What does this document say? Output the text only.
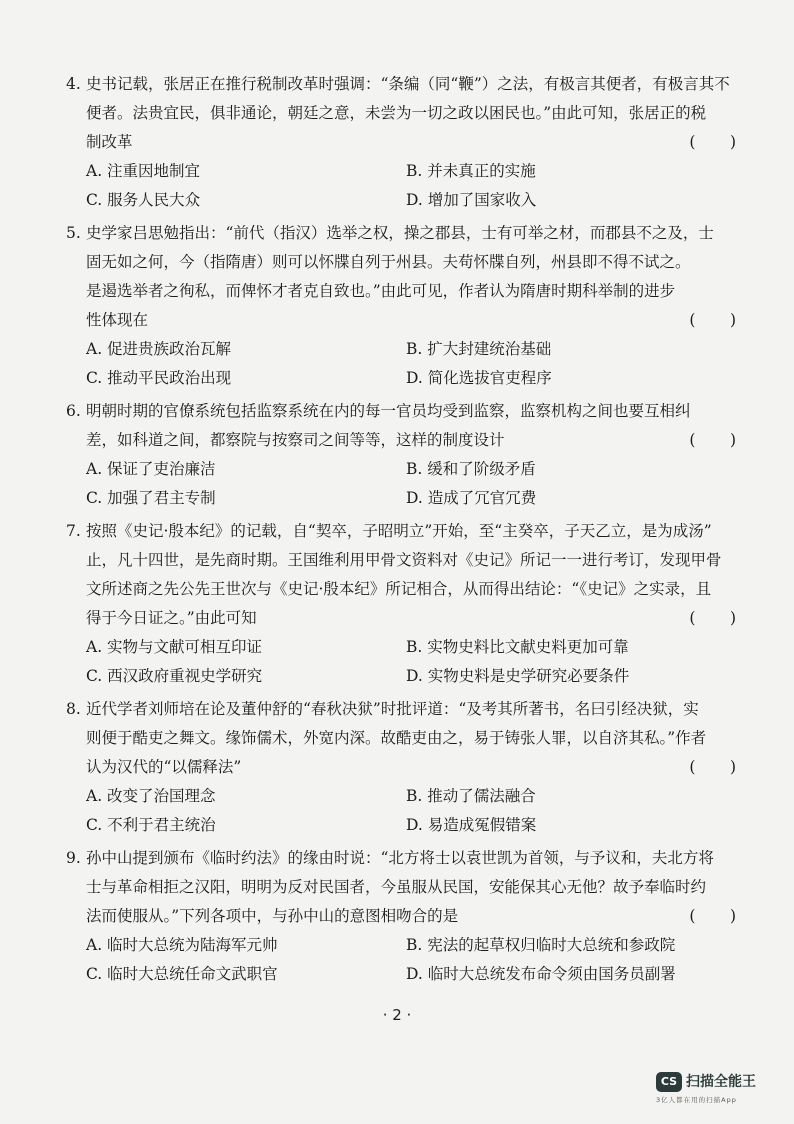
4. 史书记载，张居正在推行税制改革时强调：“条编（同“鞭”）之法，有极言其便者，有极言其不
便者。法贵宜民，俱非通论，朝廷之意，未尝为一切之政以困民也。”由此可知，张居正的税
制改革	(       )
A. 注重因地制宜	B. 并未真正的实施
C. 服务人民大众	D. 增加了国家收入
5. 史学家吕思勉指出：“前代（指汉）选举之权，操之郡县，士有可举之材，而郡县不之及，士
固无如之何，今（指隋唐）则可以怀牒自列于州县。夫苟怀牒自列，州县即不得不试之。
是遏选举者之徇私，而俾怀才者克自致也。”由此可见，作者认为隋唐时期科举制的进步
性体现在	(       )
A. 促进贵族政治瓦解	B. 扩大封建统治基础
C. 推动平民政治出现	D. 简化选拔官吏程序
6. 明朝时期的官僚系统包括监察系统在内的每一官员均受到监察，监察机构之间也要互相纠
差，如科道之间，都察院与按察司之间等等，这样的制度设计	(       )
A. 保证了吏治廉洁	B. 缓和了阶级矛盾
C. 加强了君主专制	D. 造成了冗官冗费
7. 按照《史记·殷本纪》的记载，自“契卒，子昭明立”开始，至“主癸卒，子天乙立，是为成汤”
止，凡十四世，是先商时期。王国维利用甲骨文资料对《史记》所记一一进行考订，发现甲骨
文所述商之先公先王世次与《史记·殷本纪》所记相合，从而得出结论：“《史记》之实录，且
得于今日证之。”由此可知	(       )
A. 实物与文献可相互印证	B. 实物史料比文献史料更加可靠
C. 西汉政府重视史学研究	D. 实物史料是史学研究必要条件
8. 近代学者刘师培在论及董仲舒的“春秋决狱”时批评道：“及考其所著书，名曰引经决狱，实
则便于酷吏之舞文。缘饰儒术，外宽内深。故酷吏由之，易于铸张人罪，以自济其私。”作者
认为汉代的“以儒释法”	(       )
A. 改变了治国理念	B. 推动了儒法融合
C. 不利于君主统治	D. 易造成冤假错案
9. 孙中山提到颁布《临时约法》的缘由时说：“北方将士以袁世凯为首领，与予议和，夫北方将
士与革命相拒之汉阳，明明为反对民国者，今虽服从民国，安能保其心无他？故予奉临时约
法而使服从。”下列各项中，与孙中山的意图相吻合的是	(       )
A. 临时大总统为陆海军元帅	B. 宪法的起草权归临时大总统和参政院
C. 临时大总统任命文武职官	D. 临时大总统发布命令须由国务员副署
· 2 ·
CS 扫描全能王
3亿人都在用的扫描App
